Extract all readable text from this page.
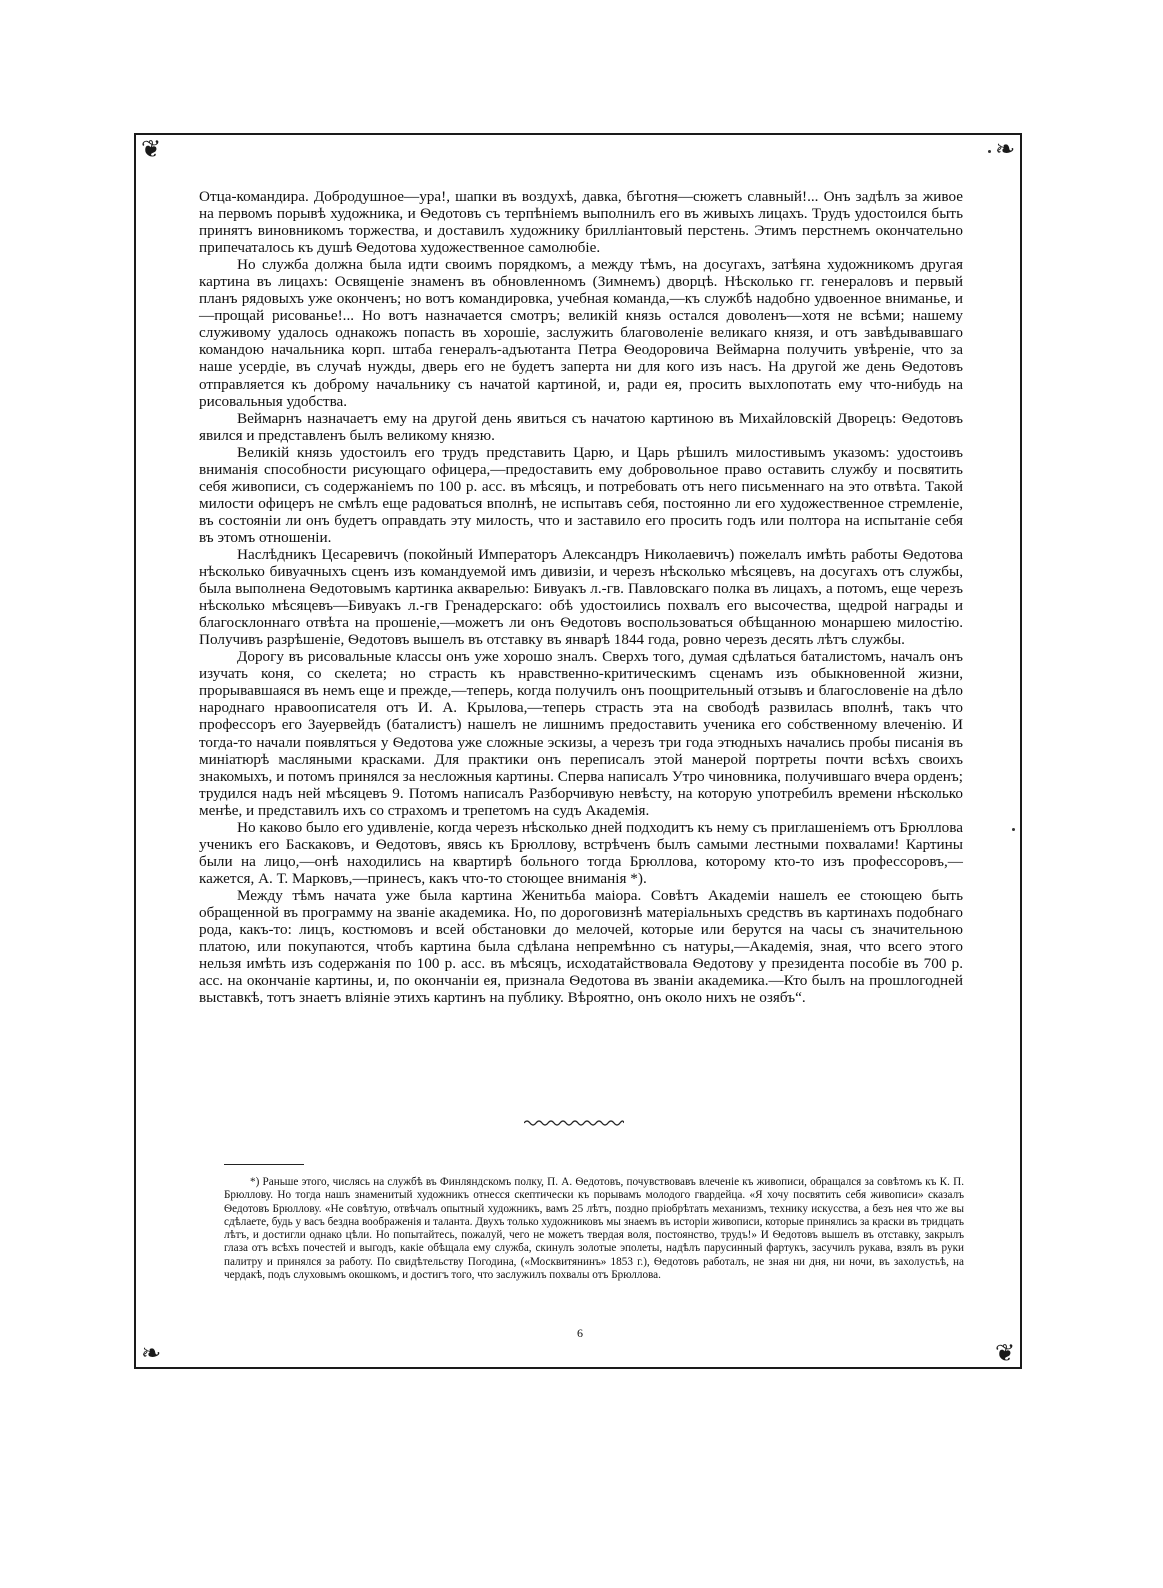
❦	❧
❧	❦

Отца-командира. Добродушное—ура!, шапки въ воздухѣ, давка, бѣготня—сюжетъ славный!... Онъ задѣлъ за живое на первомъ порывѣ художника, и Ѳедотовъ съ терпѣніемъ выполнилъ его въ живыхъ лицахъ. Трудъ удостоился быть принятъ виновникомъ торжества, и доставилъ художнику брилліантовый перстень. Этимъ перстнемъ окончательно припечаталось къ душѣ Ѳедотова художественное самолюбіе.

Но служба должна была идти своимъ порядкомъ, а между тѣмъ, на досугахъ, затѣяна художникомъ другая картина въ лицахъ: Освященіе знаменъ въ обновленномъ (Зимнемъ) дворцѣ. Нѣсколько гг. генераловъ и первый планъ рядовыхъ уже оконченъ; но вотъ командировка, учебная команда,—къ службѣ надобно удвоенное вниманье, и—прощай рисованье!... Но вотъ назначается смотръ; великій князь остался доволенъ—хотя не всѣми; нашему служивому удалось однакожъ попасть въ хорошіе, заслужить благоволеніе великаго князя, и отъ завѣдывавшаго командою начальника корп. штаба генералъ-адъютанта Петра Ѳеодоровича Веймарна получить увѣреніе, что за наше усердіе, въ случаѣ нужды, дверь его не будетъ заперта ни для кого изъ насъ. На другой же день Ѳедотовъ отправляется къ доброму начальнику съ начатой картиной, и, ради ея, просить выхлопотать ему что-нибудь на рисовальныя удобства.

Веймарнъ назначаетъ ему на другой день явиться съ начатою картиною въ Михайловскій Дворецъ: Ѳедотовъ явился и представленъ былъ великому князю.

Великій князь удостоилъ его трудъ представить Царю, и Царь рѣшилъ милостивымъ указомъ: удостоивъ вниманія способности рисующаго офицера,—предоставить ему добровольное право оставить службу и посвятить себя живописи, съ содержаніемъ по 100 р. асс. въ мѣсяцъ, и потребовать отъ него письменнаго на это отвѣта. Такой милости офицеръ не смѣлъ еще радоваться вполнѣ, не испытавъ себя, постоянно ли его художественное стремленіе, въ состояніи ли онъ будетъ оправдать эту милость, что и заставило его просить годъ или полтора на испытаніе себя въ этомъ отношеніи.

Наслѣдникъ Цесаревичъ (покойный Императоръ Александръ Николаевичъ) пожелалъ имѣть работы Ѳедотова нѣсколько бивуачныхъ сценъ изъ командуемой имъ дивизіи, и черезъ нѣсколько мѣсяцевъ, на досугахъ отъ службы, была выполнена Ѳедотовымъ картинка акварелью: Бивуакъ л.-гв. Павловскаго полка въ лицахъ, а потомъ, еще черезъ нѣсколько мѣсяцевъ—Бивуакъ л.-гв Гренадерскаго: обѣ удостоились похвалъ его высочества, щедрой награды и благосклоннаго отвѣта на прошеніе,—можетъ ли онъ Ѳедотовъ воспользоваться обѣщанною монаршею милостію. Получивъ разрѣшеніе, Ѳедотовъ вышелъ въ отставку въ январѣ 1844 года, ровно черезъ десять лѣтъ службы.

Дорогу въ рисовальные классы онъ уже хорошо зналъ. Сверхъ того, думая сдѣлаться баталистомъ, началъ онъ изучать коня, со скелета; но страсть къ нравственно-критическимъ сценамъ изъ обыкновенной жизни, прорывавшаяся въ немъ еще и прежде,—теперь, когда получилъ онъ поощрительный отзывъ и благословеніе на дѣло народнаго нравоописателя отъ И. А. Крылова,—теперь страсть эта на свободѣ развилась вполнѣ, такъ что профессоръ его Зауервейдъ (баталистъ) нашелъ не лишнимъ предоставить ученика его собственному влеченію. И тогда-то начали появляться у Ѳедотова уже сложные эскизы, а черезъ три года этюдныхъ начались пробы писанія въ миніатюрѣ масляными красками. Для практики онъ переписалъ этой манерой портреты почти всѣхъ своихъ знакомыхъ, и потомъ принялся за несложныя картины. Сперва написалъ Утро чиновника, получившаго вчера орденъ; трудился надъ ней мѣсяцевъ 9. Потомъ написалъ Разборчивую невѣсту, на которую употребилъ времени нѣсколько менѣе, и представилъ ихъ со страхомъ и трепетомъ на судъ Академія.

Но каково было его удивленіе, когда черезъ нѣсколько дней подходитъ къ нему съ приглашеніемъ отъ Брюллова ученикъ его Баскаковъ, и Ѳедотовъ, явясь къ Брюллову, встрѣченъ былъ самыми лестными похвалами! Картины были на лицо,—онѣ находились на квартирѣ больного тогда Брюллова, которому кто-то изъ профессоровъ,—кажется, А. Т. Марковъ,—принесъ, какъ что-то стоющее вниманія *).

Между тѣмъ начата уже была картина Женитьба маіора. Совѣтъ Академіи нашелъ ее стоющею быть обращенной въ программу на званіе академика. Но, по дороговизнѣ матеріальныхъ средствъ въ картинахъ подобнаго рода, какъ-то: лицъ, костюмовъ и всей обстановки до мелочей, которые или берутся на часы съ значительною платою, или покупаются, чтобъ картина была сдѣлана непремѣнно съ натуры,—Академія, зная, что всего этого нельзя имѣть изъ содержанія по 100 р. асс. въ мѣсяцъ, исходатайствовала Ѳедотову у президента пособіе въ 700 р. асс. на окончаніе картины, и, по окончаніи ея, признала Ѳедотова въ званіи академика.—Кто былъ на прошлогодней выставкѣ, тотъ знаетъ вліяніе этихъ картинъ на публику. Вѣроятно, онъ около нихъ не озябъ“.

*) Раньше этого, числясь на службѣ въ Финляндскомъ полку, П. А. Ѳедотовъ, почувствовавъ влеченіе къ живописи, обращался за совѣтомъ къ К. П. Брюллову. Но тогда нашъ знаменитый художникъ отнесся скептически къ порывамъ молодого гвардейца. «Я хочу посвятить себя живописи» сказалъ Ѳедотовъ Брюллову. «Не совѣтую, отвѣчалъ опытный художникъ, вамъ 25 лѣтъ, поздно пріобрѣтать механизмъ, технику искусства, а безъ нея что же вы сдѣлаете, будь у васъ бездна воображенія и таланта. Двухъ только художниковъ мы знаемъ въ исторіи живописи, которые принялись за краски въ тридцать лѣтъ, и достигли однако цѣли. Но попытайтесь, пожалуй, чего не можетъ твердая воля, постоянство, трудъ!» И Ѳедотовъ вышелъ въ отставку, закрылъ глаза отъ всѣхъ почестей и выгодъ, какіе обѣщала ему служба, скинулъ золотые эполеты, надѣлъ парусинный фартукъ, засучилъ рукава, взялъ въ руки палитру и принялся за работу. По свидѣтельству Погодина, («Москвитянинъ» 1853 г.), Ѳедотовъ работалъ, не зная ни дня, ни ночи, въ захолустьѣ, на чердакѣ, подъ слуховымъ окошкомъ, и достигъ того, что заслужилъ похвалы отъ Брюллова.

6
